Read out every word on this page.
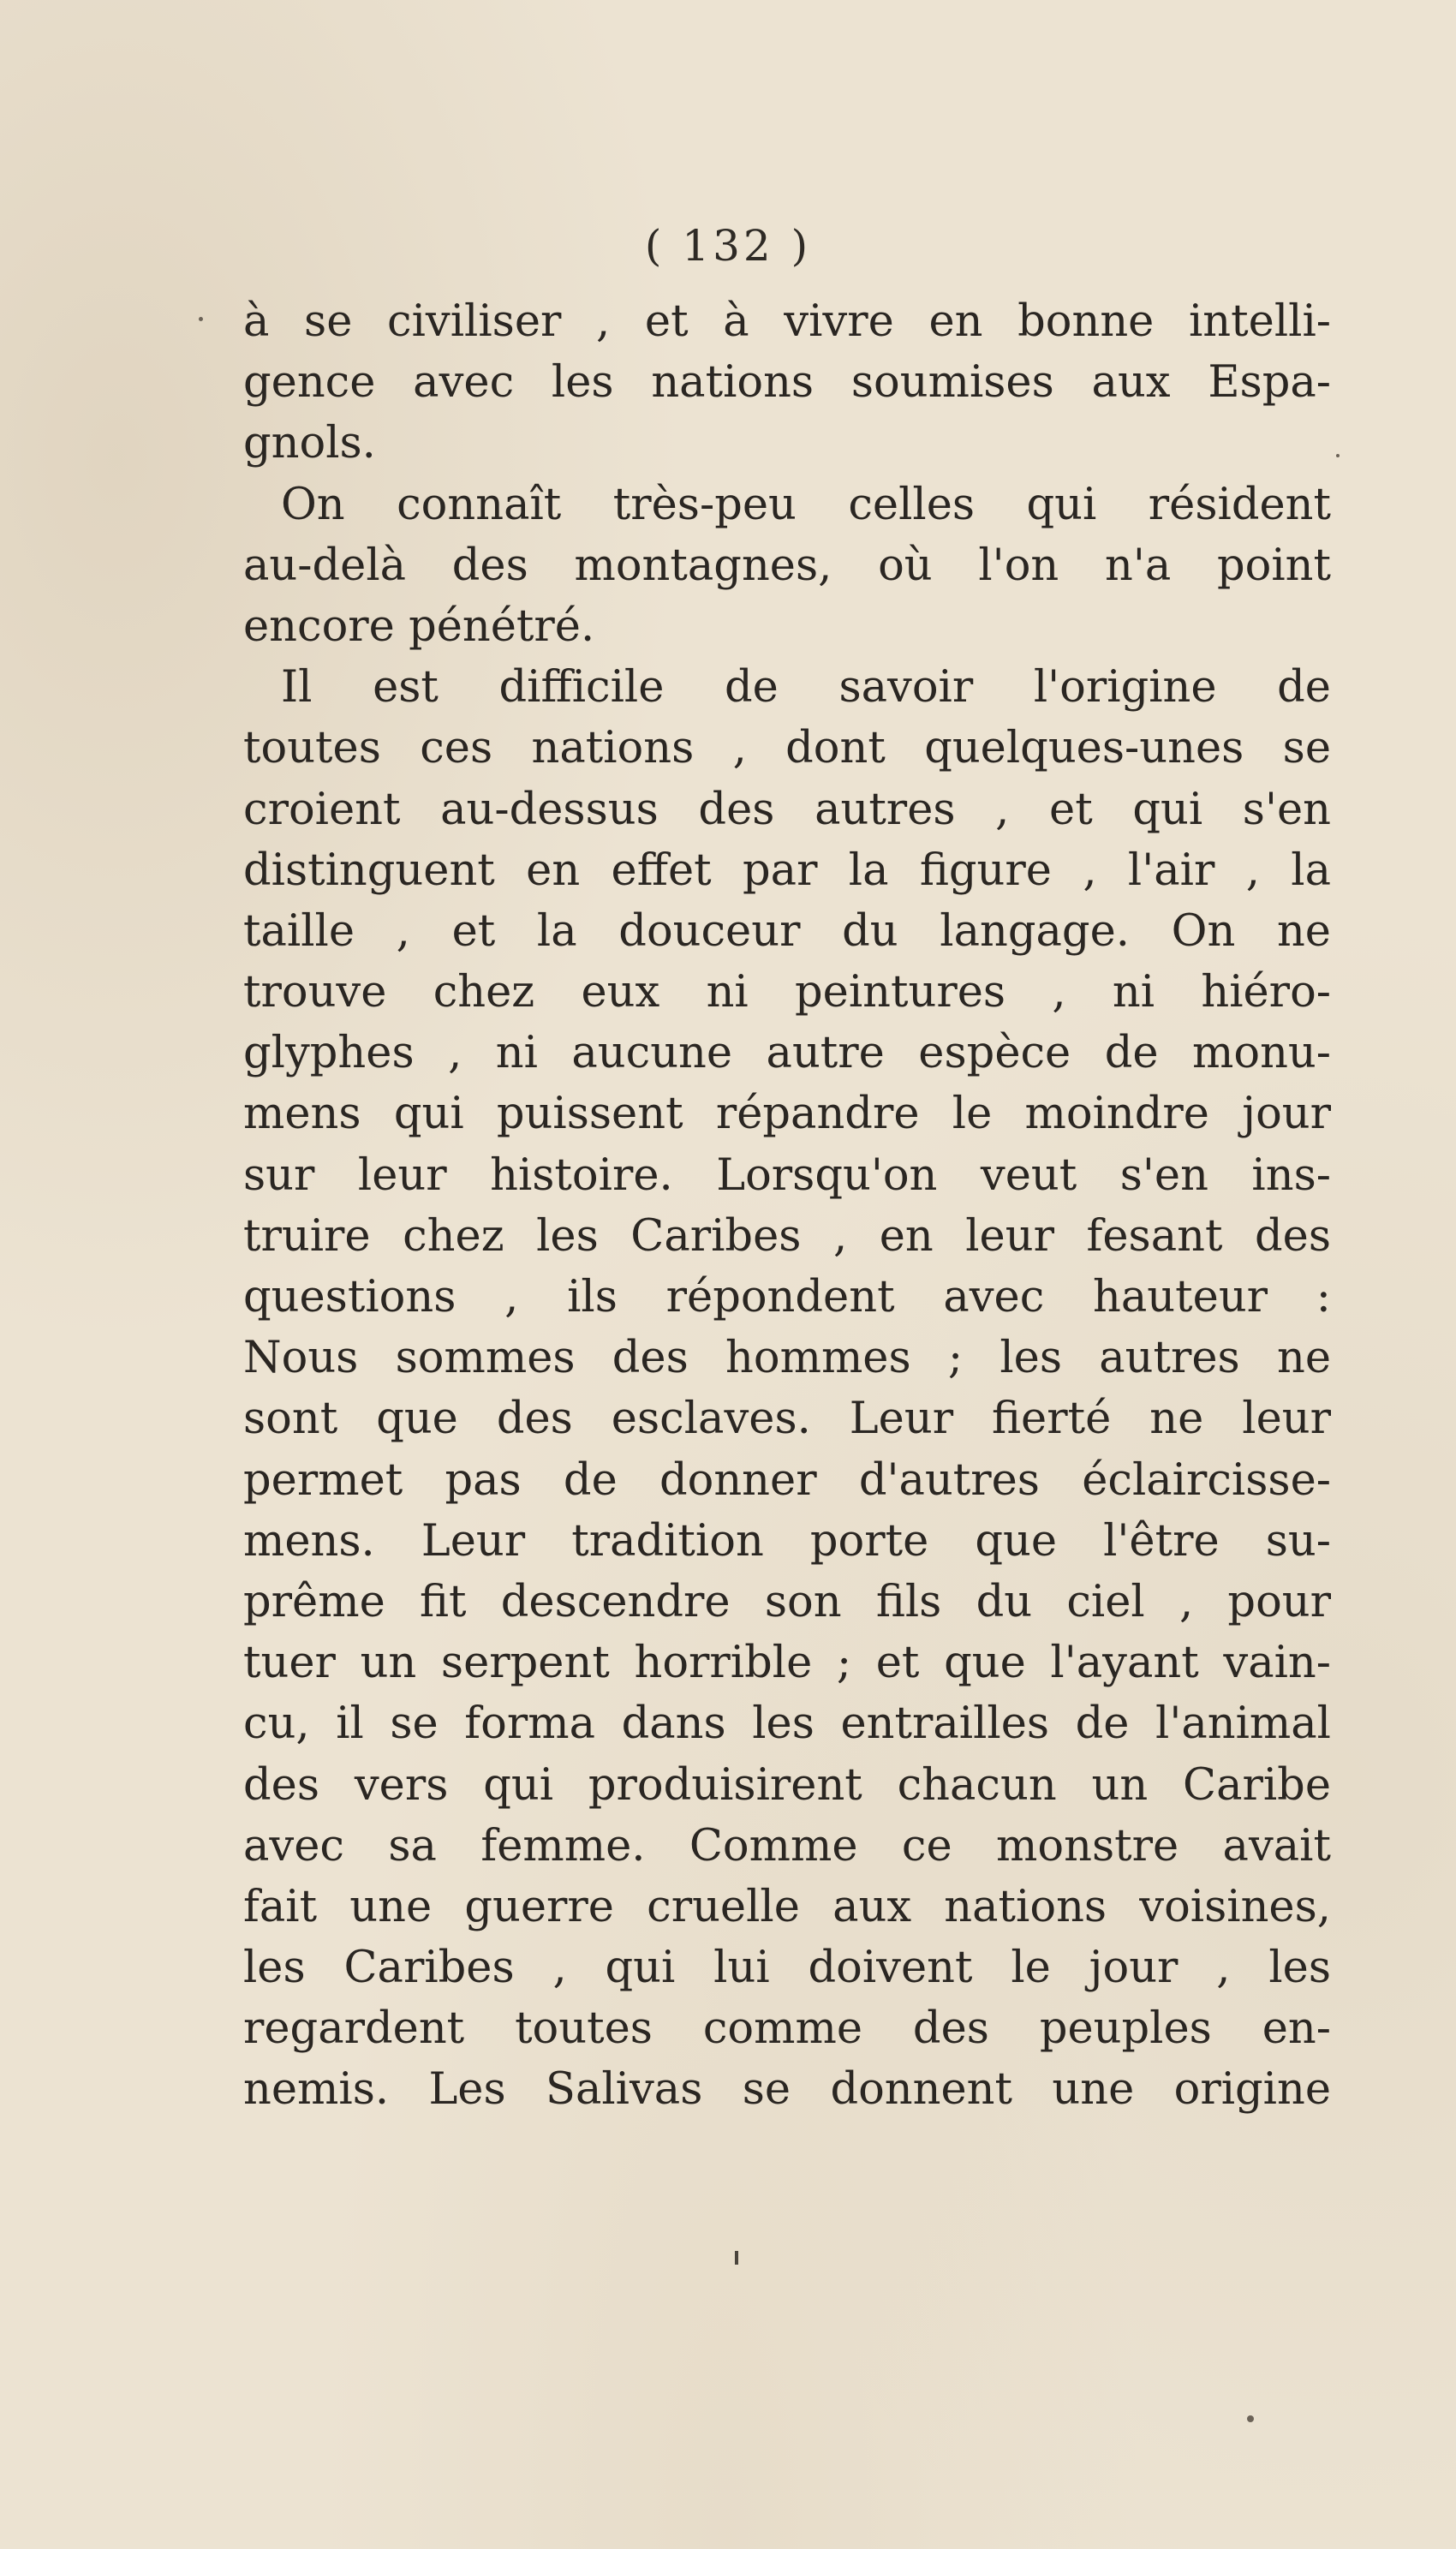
( 132 )
à se civiliser , et à vivre en bonne intelli-
gence avec les nations soumises aux Espa-
gnols.
On connaît très-peu celles qui résident
au-delà des montagnes, où l'on n'a point
encore pénétré.
Il est difficile de savoir l'origine de
toutes ces nations , dont quelques-unes se
croient au-dessus des autres , et qui s'en
distinguent en effet par la figure , l'air , la
taille , et la douceur du langage. On ne
trouve chez eux ni peintures , ni hiéro-
glyphes , ni aucune autre espèce de monu-
mens qui puissent répandre le moindre jour
sur leur histoire. Lorsqu'on veut s'en ins-
truire chez les Caribes , en leur fesant des
questions , ils répondent avec hauteur :
Nous sommes des hommes ; les autres ne
sont que des esclaves. Leur fierté ne leur
permet pas de donner d'autres éclaircisse-
mens. Leur tradition porte que l'être su-
prême fit descendre son fils du ciel , pour
tuer un serpent horrible ; et que l'ayant vain-
cu, il se forma dans les entrailles de l'animal
des vers qui produisirent chacun un Caribe
avec sa femme. Comme ce monstre avait
fait une guerre cruelle aux nations voisines,
les Caribes , qui lui doivent le jour , les
regardent toutes comme des peuples en-
nemis. Les Salivas se donnent une origine
